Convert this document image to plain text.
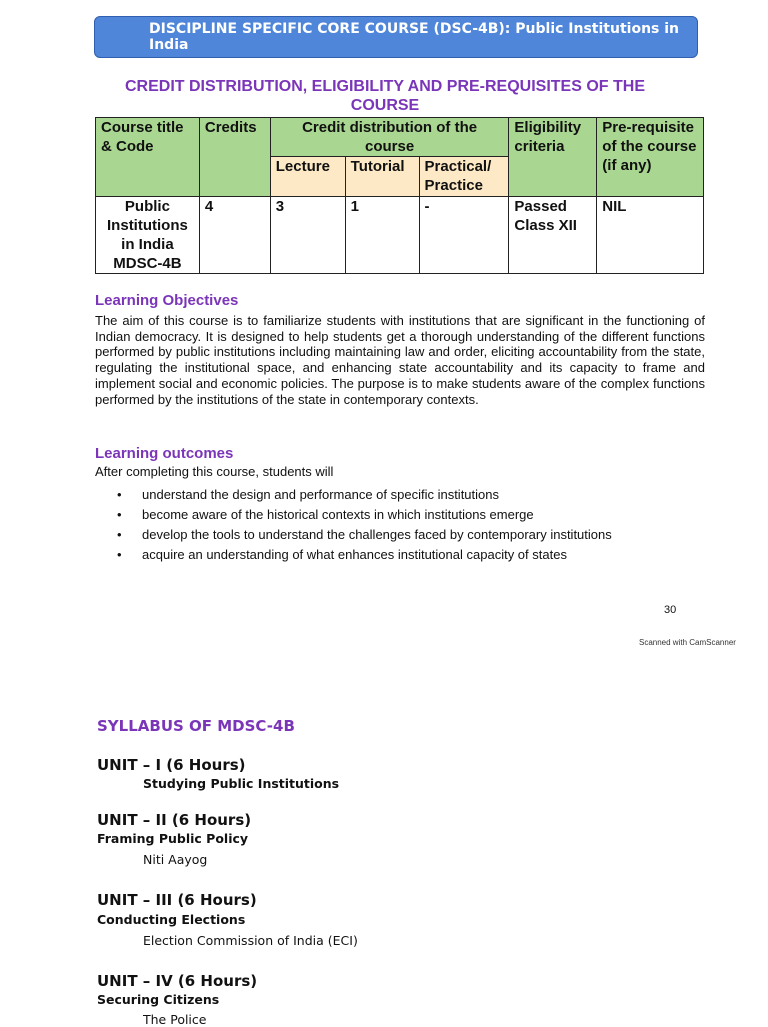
DISCIPLINE SPECIFIC CORE COURSE (DSC-4B): Public Institutions in India
CREDIT DISTRIBUTION, ELIGIBILITY AND PRE-REQUISITES OF THE COURSE
Course title & Code	Credits	Credit distribution of the course			Eligibility criteria	Pre-requisite of the course (if any)
		Lecture	Tutorial	Practical/ Practice		
Public Institutions in India MDSC-4B	4	3	1	-	Passed Class XII	NIL
Learning Objectives
The aim of this course is to familiarize students with institutions that are significant in the functioning of Indian democracy. It is designed to help students get a thorough understanding of the different functions performed by public institutions including maintaining law and order, eliciting accountability from the state, regulating the institutional space, and enhancing state accountability and its capacity to frame and implement social and economic policies. The purpose is to make students aware of the complex functions performed by the institutions of the state in contemporary contexts.
Learning outcomes
After completing this course, students will
• understand the design and performance of specific institutions
• become aware of the historical contexts in which institutions emerge
• develop the tools to understand the challenges faced by contemporary institutions
• acquire an understanding of what enhances institutional capacity of states
30
Scanned with CamScanner
SYLLABUS OF MDSC-4B
UNIT – I (6 Hours)
Studying Public Institutions
UNIT – II (6 Hours)
Framing Public Policy
Niti Aayog
UNIT – III (6 Hours)
Conducting Elections
Election Commission of India (ECI)
UNIT – IV (6 Hours)
Securing Citizens
The Police
